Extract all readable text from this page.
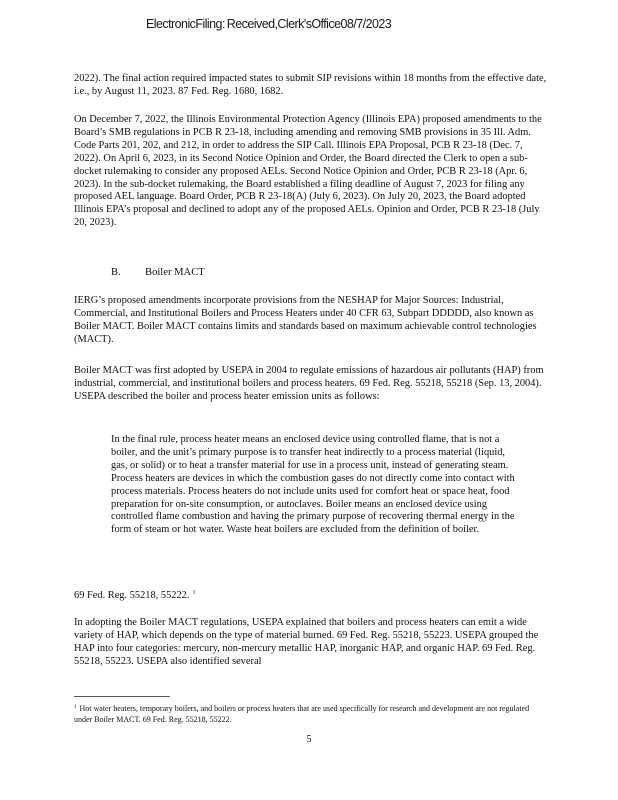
ElectronicFiling: Received,Clerk'sOffice08/7/2023

2022). The final action required impacted states to submit SIP revisions within 18 months from the effective date, i.e., by August 11, 2023. 87 Fed. Reg. 1680, 1682.

On December 7, 2022, the Illinois Environmental Protection Agency (Illinois EPA) proposed amendments to the Board’s SMB regulations in PCB R 23-18, including amending and removing SMB provisions in 35 Ill. Adm. Code Parts 201, 202, and 212, in order to address the SIP Call. Illinois EPA Proposal, PCB R 23-18 (Dec. 7, 2022). On April 6, 2023, in its Second Notice Opinion and Order, the Board directed the Clerk to open a sub-docket rulemaking to consider any proposed AELs. Second Notice Opinion and Order, PCB R 23-18 (Apr. 6, 2023). In the sub-docket rulemaking, the Board established a filing deadline of August 7, 2023 for filing any proposed AEL language. Board Order, PCB R 23-18(A) (July 6, 2023). On July 20, 2023, the Board adopted Illinois EPA’s proposal and declined to adopt any of the proposed AELs. Opinion and Order, PCB R 23-18 (July 20, 2023).

B. Boiler MACT

IERG’s proposed amendments incorporate provisions from the NESHAP for Major Sources: Industrial, Commercial, and Institutional Boilers and Process Heaters under 40 CFR 63, Subpart DDDDD, also known as Boiler MACT. Boiler MACT contains limits and standards based on maximum achievable control technologies (MACT).

Boiler MACT was first adopted by USEPA in 2004 to regulate emissions of hazardous air pollutants (HAP) from industrial, commercial, and institutional boilers and process heaters. 69 Fed. Reg. 55218, 55218 (Sep. 13, 2004). USEPA described the boiler and process heater emission units as follows:

In the final rule, process heater means an enclosed device using controlled flame, that is not a boiler, and the unit’s primary purpose is to transfer heat indirectly to a process material (liquid, gas, or solid) or to heat a transfer material for use in a process unit, instead of generating steam. Process heaters are devices in which the combustion gases do not directly come into contact with process materials. Process heaters do not include units used for comfort heat or space heat, food preparation for on-site consumption, or autoclaves. Boiler means an enclosed device using controlled flame combustion and having the primary purpose of recovering thermal energy in the form of steam or hot water. Waste heat boilers are excluded from the definition of boiler.

69 Fed. Reg. 55218, 55222. $^1$

In adopting the Boiler MACT regulations, USEPA explained that boilers and process heaters can emit a wide variety of HAP, which depends on the type of material burned. 69 Fed. Reg. 55218, 55223. USEPA grouped the HAP into four categories: mercury, non-mercury metallic HAP, inorganic HAP, and organic HAP. 69 Fed. Reg. 55218, 55223. USEPA also identified several

$^1$ Hot water heaters, temporary boilers, and boilers or process heaters that are used specifically for research and development are not regulated under Boiler MACT. 69 Fed. Reg. 55218, 55222.

5
